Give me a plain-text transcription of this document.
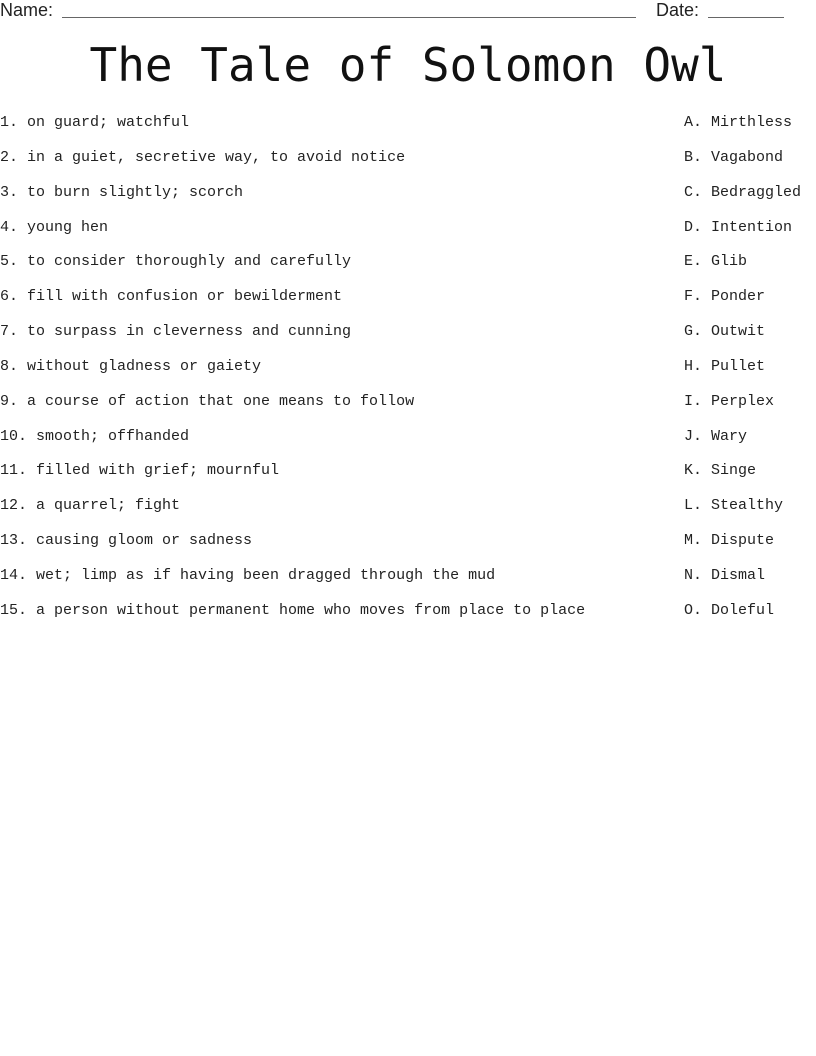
Name:	Date:
The Tale of Solomon Owl
1. on guard; watchful	A. Mirthless
2. in a guiet, secretive way, to avoid notice	B. Vagabond
3. to burn slightly; scorch	C. Bedraggled
4. young hen	D. Intention
5. to consider thoroughly and carefully	E. Glib
6. fill with confusion or bewilderment	F. Ponder
7. to surpass in cleverness and cunning	G. Outwit
8. without gladness or gaiety	H. Pullet
9. a course of action that one means to follow	I. Perplex
10. smooth; offhanded	J. Wary
11. filled with grief; mournful	K. Singe
12. a quarrel; fight	L. Stealthy
13. causing gloom or sadness	M. Dispute
14. wet; limp as if having been dragged through the mud	N. Dismal
15. a person without permanent home who moves from place to place	O. Doleful
